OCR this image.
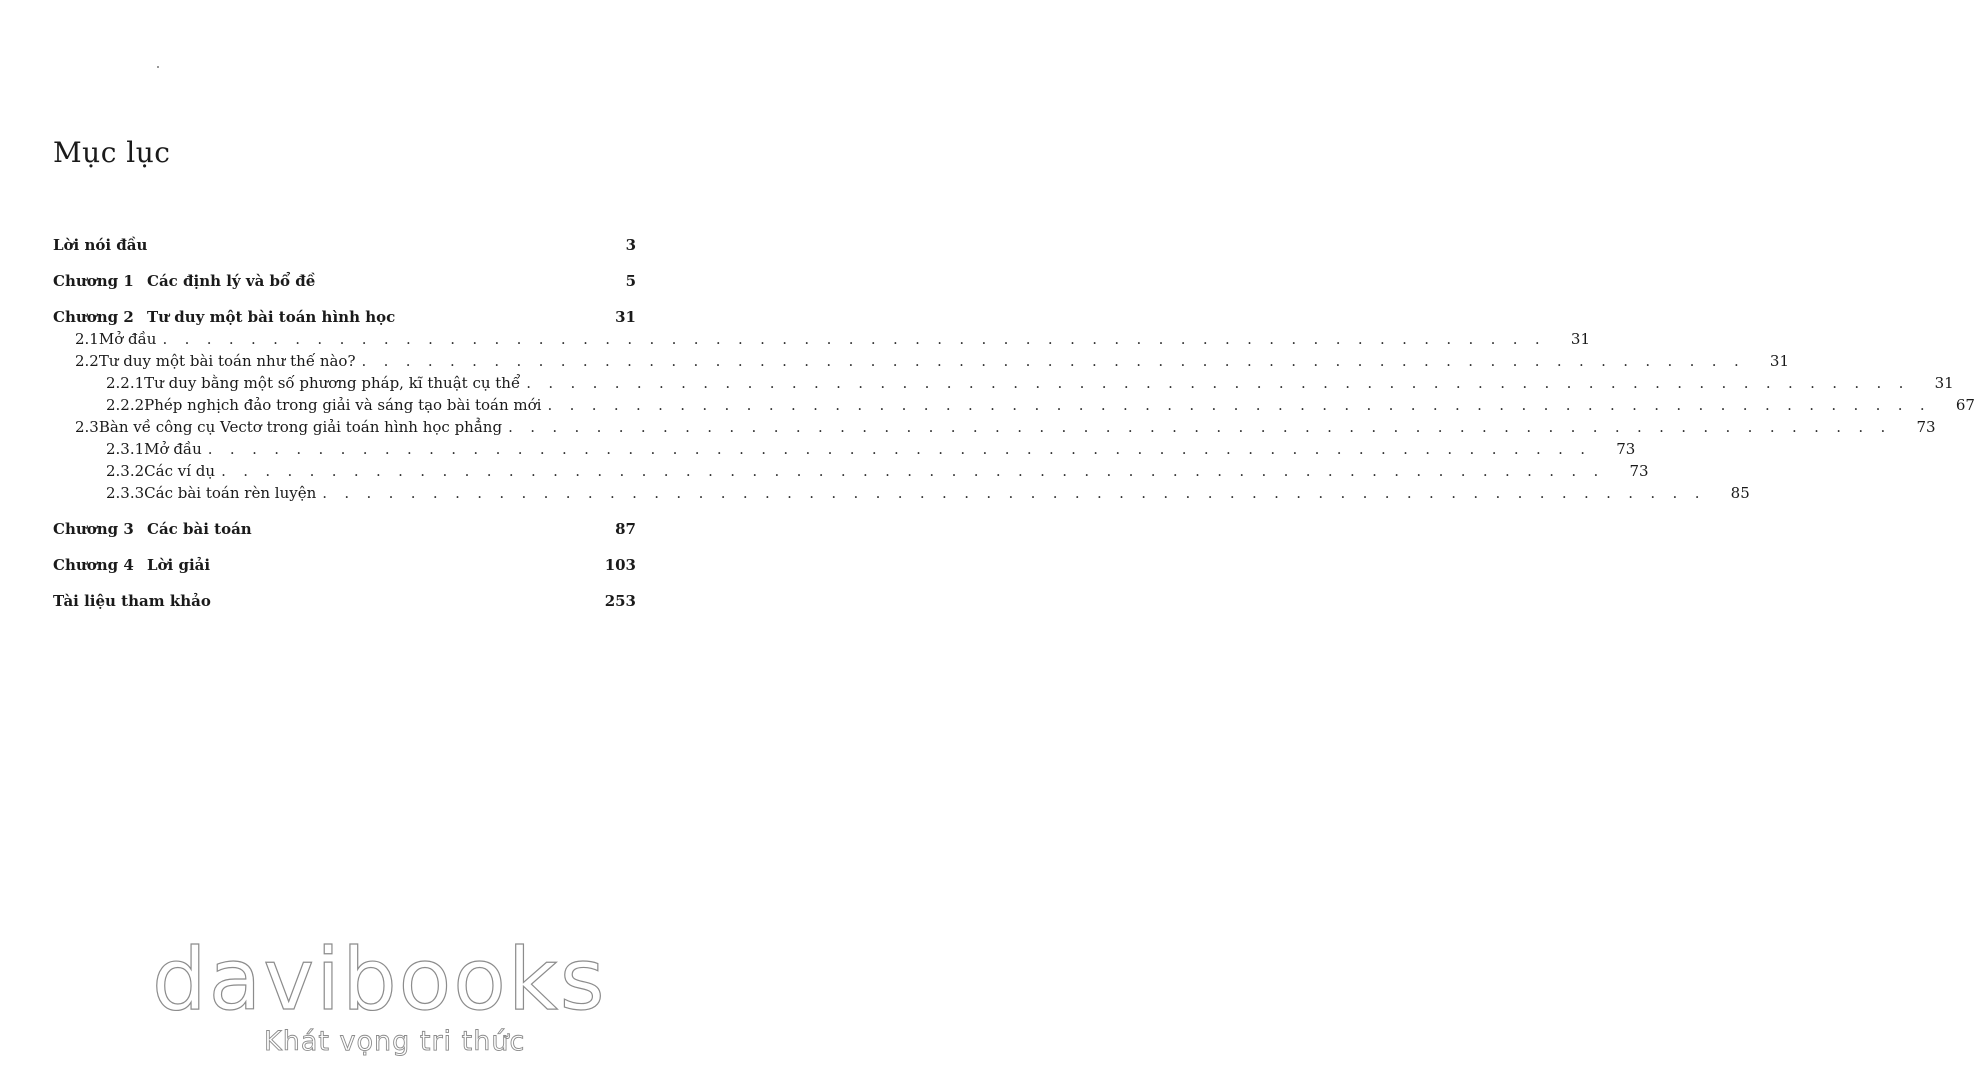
Mục lục
Lời nói đầu	3
Chương 1 Các định lý và bổ đề	5
Chương 2 Tư duy một bài toán hình học	31
2.1 Mở đầu . . . . . . . . . . . . . . . . . . . . . . . . . . . . . . . . . . . . . . . . . . . . . . . . . . . . . . . . . . . . . . .	31
2.2 Tư duy một bài toán như thế nào? . . . . . . . . . . . . . . . . . . . . . . . . . . . . . . . . . . . . . . . . . . . . . . . . . . . . . . . . . . . . . . .	31
2.2.1 Tư duy bằng một số phương pháp, kĩ thuật cụ thể . . . . . . . . . . . . . . . . . . . . . . . . . . . . . . . . . . . . . . . . . . . . . . . . . . . . . . . . . . . . . . .	31
2.2.2 Phép nghịch đảo trong giải và sáng tạo bài toán mới . . . . . . . . . . . . . . . . . . . . . . . . . . . . . . . . . . . . . . . . . . . . . . . . . . . . . . . . . . . . . . .	67
2.3 Bàn về công cụ Vectơ trong giải toán hình học phẳng . . . . . . . . . . . . . . . . . . . . . . . . . . . . . . . . . . . . . . . . . . . . . . . . . . . . . . . . . . . . . . .	73
2.3.1 Mở đầu . . . . . . . . . . . . . . . . . . . . . . . . . . . . . . . . . . . . . . . . . . . . . . . . . . . . . . . . . . . . . . .	73
2.3.2 Các ví dụ . . . . . . . . . . . . . . . . . . . . . . . . . . . . . . . . . . . . . . . . . . . . . . . . . . . . . . . . . . . . . . .	73
2.3.3 Các bài toán rèn luyện . . . . . . . . . . . . . . . . . . . . . . . . . . . . . . . . . . . . . . . . . . . . . . . . . . . . . . . . . . . . . . .	85
Chương 3 Các bài toán	87
Chương 4 Lời giải	103
Tài liệu tham khảo	253
davibooks
Khát vọng tri thức
